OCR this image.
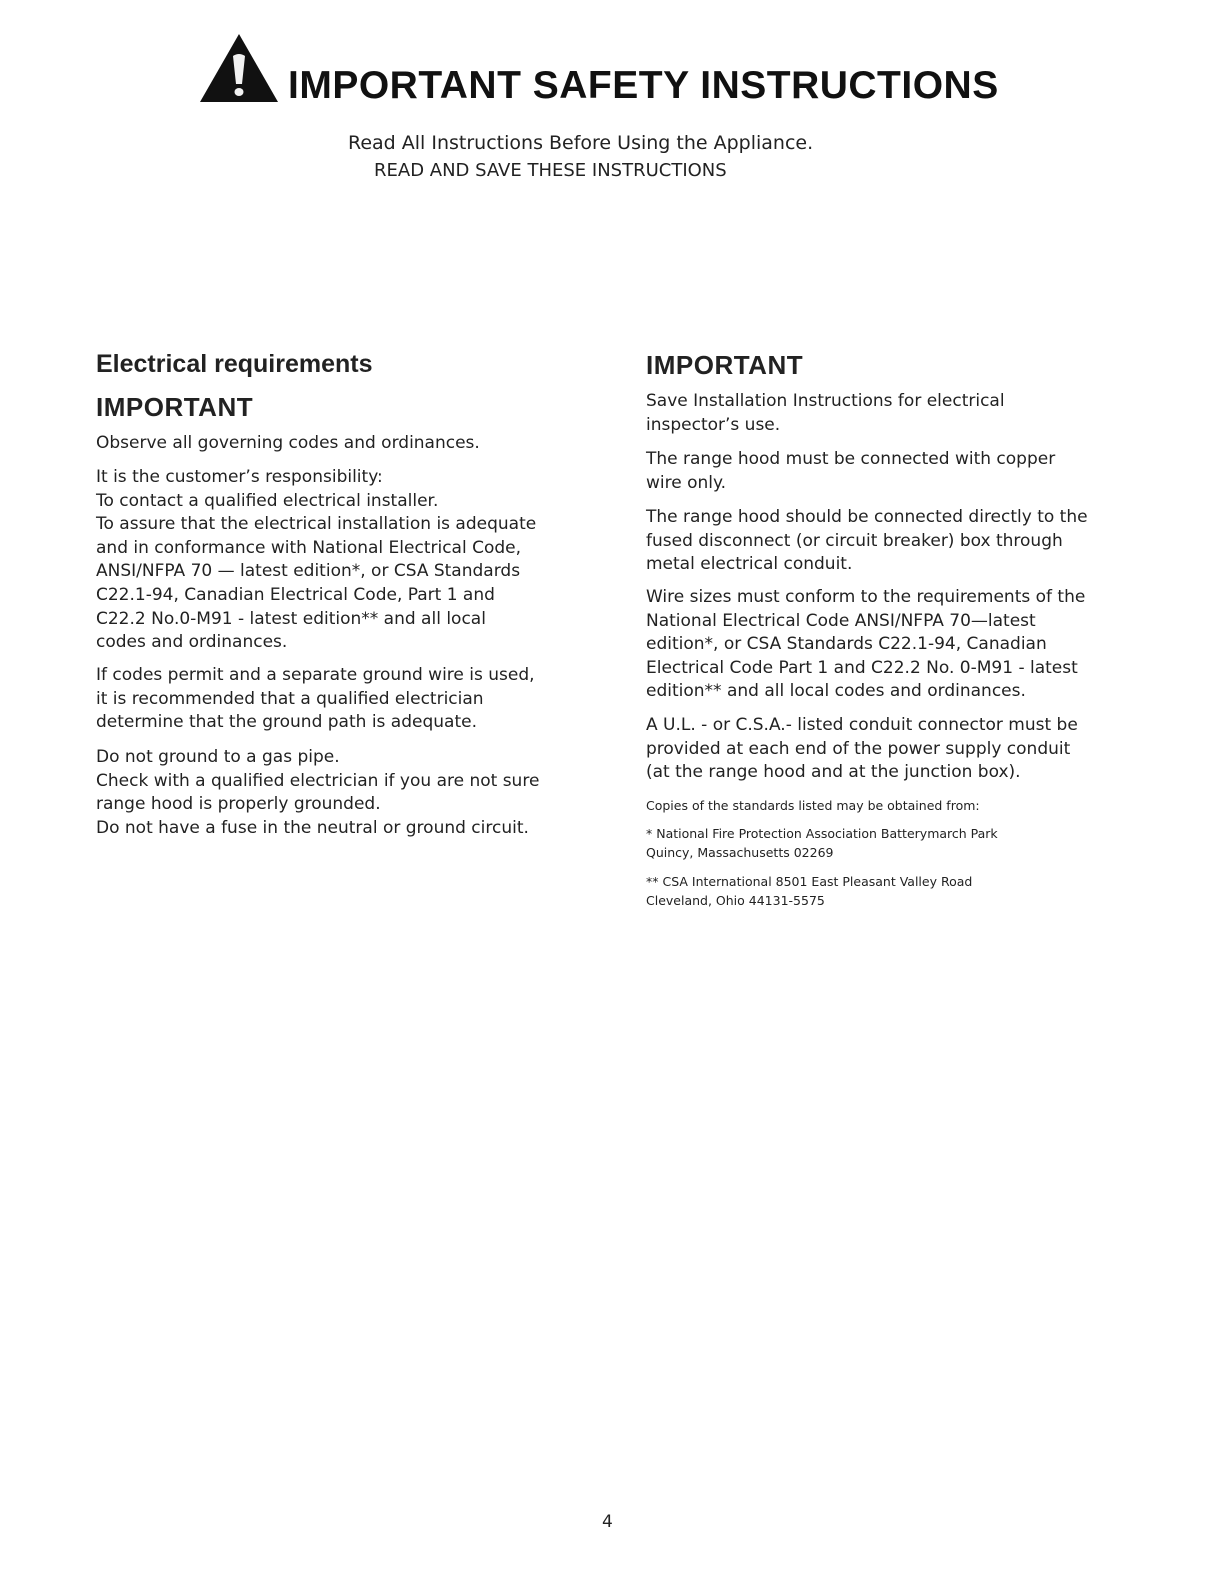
IMPORTANT SAFETY INSTRUCTIONS
Read All Instructions Before Using the Appliance.
READ AND SAVE THESE INSTRUCTIONS
Electrical requirements
IMPORTANT
Observe all governing codes and ordinances.
It is the customer’s responsibility:
To contact a qualified electrical installer.
To assure that the electrical installation is adequate
and in conformance with National Electrical Code,
ANSI/NFPA 70 — latest edition*, or CSA Standards
C22.1-94, Canadian Electrical Code, Part 1 and
C22.2 No.0-M91 - latest edition** and all local
codes and ordinances.
If codes permit and a separate ground wire is used,
it is recommended that a qualified electrician
determine that the ground path is adequate.
Do not ground to a gas pipe.
Check with a qualified electrician if you are not sure
range hood is properly grounded.
Do not have a fuse in the neutral or ground circuit.
IMPORTANT
Save Installation Instructions for electrical
inspector’s use.
The range hood must be connected with copper
wire only.
The range hood should be connected directly to the
fused disconnect (or circuit breaker) box through
metal electrical conduit.
Wire sizes must conform to the requirements of the
National Electrical Code ANSI/NFPA 70—latest
edition*, or CSA Standards C22.1-94, Canadian
Electrical Code Part 1 and C22.2 No. 0-M91 - latest
edition** and all local codes and ordinances.
A U.L. - or C.S.A.- listed conduit connector must be
provided at each end of the power supply conduit
(at the range hood and at the junction box).
Copies of the standards listed may be obtained from:
* National Fire Protection Association Batterymarch Park
Quincy, Massachusetts 02269
** CSA International 8501 East Pleasant Valley Road
Cleveland, Ohio 44131-5575
4
